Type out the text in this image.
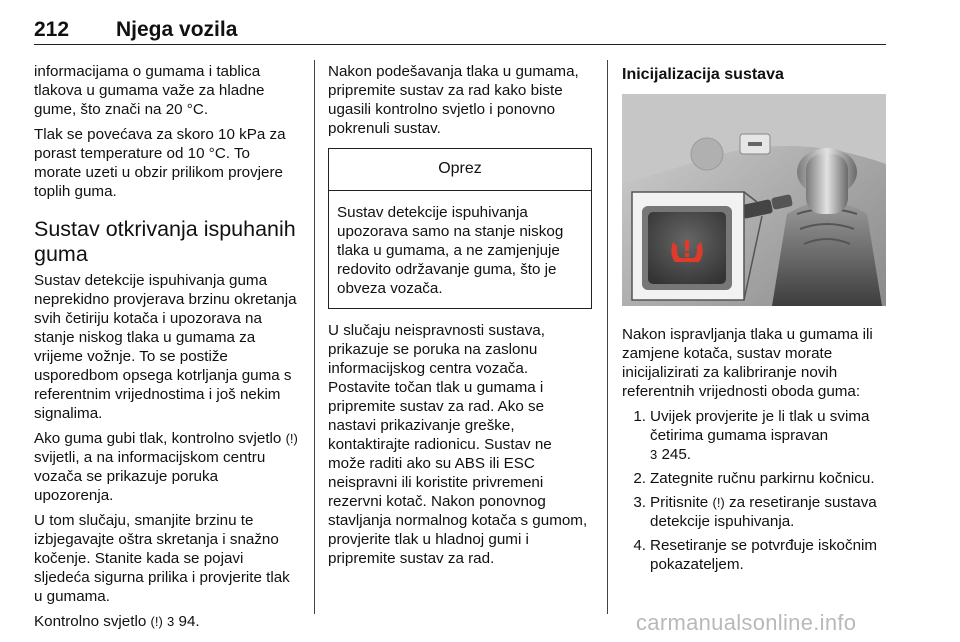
212 Njega vozila

informacijama o gumama i tablica tlakova u gumama važe za hladne gume, što znači na 20 °C.

Tlak se povećava za skoro 10 kPa za porast temperature od 10 °C. To morate uzeti u obzir prilikom provjere toplih guma.

Sustav otkrivanja ispuhanih guma

Sustav detekcije ispuhivanja guma neprekidno provjerava brzinu okretanja svih četiriju kotača i upozorava na stanje niskog tlaka u gumama za vrijeme vožnje. To se postiže usporedbom opsega kotrljanja guma s referentnim vrijednostima i još nekim signalima.

Ako guma gubi tlak, kontrolno svjetlo (!) svijetli, a na informacijskom centru vozača se prikazuje poruka upozorenja.

U tom slučaju, smanjite brzinu te izbjegavajte oštra skretanja i snažno kočenje. Stanite kada se pojavi sljedeća sigurna prilika i provjerite tlak u gumama.

Kontrolno svjetlo (!) 3 94.

Nakon podešavanja tlaka u gumama, pripremite sustav za rad kako biste ugasili kontrolno svjetlo i ponovno pokrenuli sustav.

Oprez
Sustav detekcije ispuhivanja upozorava samo na stanje niskog tlaka u gumama, a ne zamjenjuje redovito održavanje guma, što je obveza vozača.

U slučaju neispravnosti sustava, prikazuje se poruka na zaslonu informacijskog centra vozača. Postavite točan tlak u gumama i pripremite sustav za rad. Ako se nastavi prikazivanje greške, kontaktirajte radionicu. Sustav ne može raditi ako su ABS ili ESC neispravni ili koristite privremeni rezervni kotač. Nakon ponovnog stavljanja normalnog kotača s gumom, provjerite tlak u hladnoj gumi i pripremite sustav za rad.

Inicijalizacija sustava

Nakon ispravljanja tlaka u gumama ili zamjene kotača, sustav morate inicijalizirati za kalibriranje novih referentnih vrijednosti oboda guma:

1. Uvijek provjerite je li tlak u svima četirima gumama ispravan
3 245.
2. Zategnite ručnu parkirnu kočnicu.
3. Pritisnite (!) za resetiranje sustava detekcije ispuhivanja.
4. Resetiranje se potvrđuje iskočnim pokazateljem.
carmanualsonline.info
